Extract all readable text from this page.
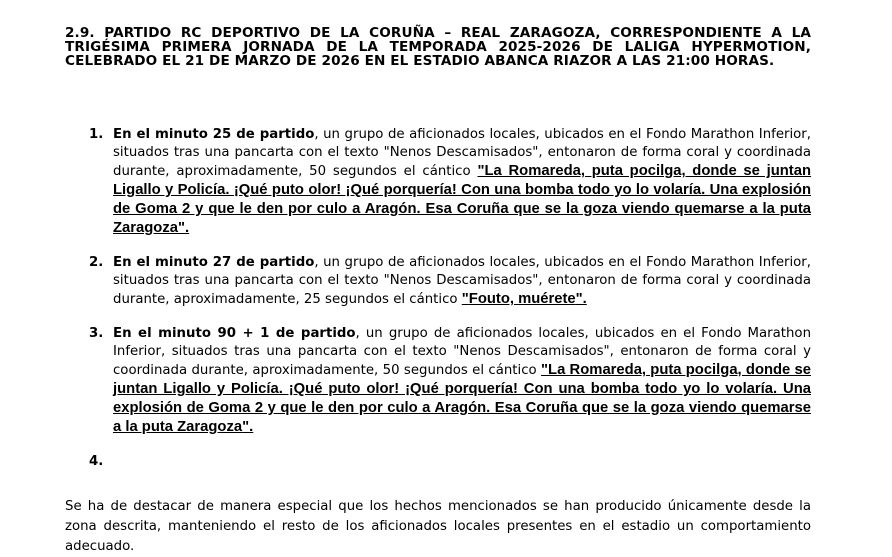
2.9. PARTIDO RC DEPORTIVO DE LA CORUÑA – REAL ZARAGOZA, CORRESPONDIENTE A LA TRIGÉSIMA PRIMERA JORNADA DE LA TEMPORADA 2025-2026 DE LALIGA HYPERMOTION, CELEBRADO EL 21 DE MARZO DE 2026 EN EL ESTADIO ABANCA RIAZOR A LAS 21:00 HORAS.
1. En el minuto 25 de partido, un grupo de aficionados locales, ubicados en el Fondo Marathon Inferior, situados tras una pancarta con el texto "Nenos Descamisados", entonaron de forma coral y coordinada durante, aproximadamente, 50 segundos el cántico "La Romareda, puta pocilga, donde se juntan Ligallo y Policía. ¡Qué puto olor! ¡Qué porquería! Con una bomba todo yo lo volaría. Una explosión de Goma 2 y que le den por culo a Aragón. Esa Coruña que se la goza viendo quemarse a la puta Zaragoza".
2. En el minuto 27 de partido, un grupo de aficionados locales, ubicados en el Fondo Marathon Inferior, situados tras una pancarta con el texto "Nenos Descamisados", entonaron de forma coral y coordinada durante, aproximadamente, 25 segundos el cántico "Fouto, muérete".
3. En el minuto 90 + 1 de partido, un grupo de aficionados locales, ubicados en el Fondo Marathon Inferior, situados tras una pancarta con el texto "Nenos Descamisados", entonaron de forma coral y coordinada durante, aproximadamente, 50 segundos el cántico "La Romareda, puta pocilga, donde se juntan Ligallo y Policía. ¡Qué puto olor! ¡Qué porquería! Con una bomba todo yo lo volaría. Una explosión de Goma 2 y que le den por culo a Aragón. Esa Coruña que se la goza viendo quemarse a la puta Zaragoza".
4.
Se ha de destacar de manera especial que los hechos mencionados se han producido únicamente desde la zona descrita, manteniendo el resto de los aficionados locales presentes en el estadio un comportamiento adecuado.
